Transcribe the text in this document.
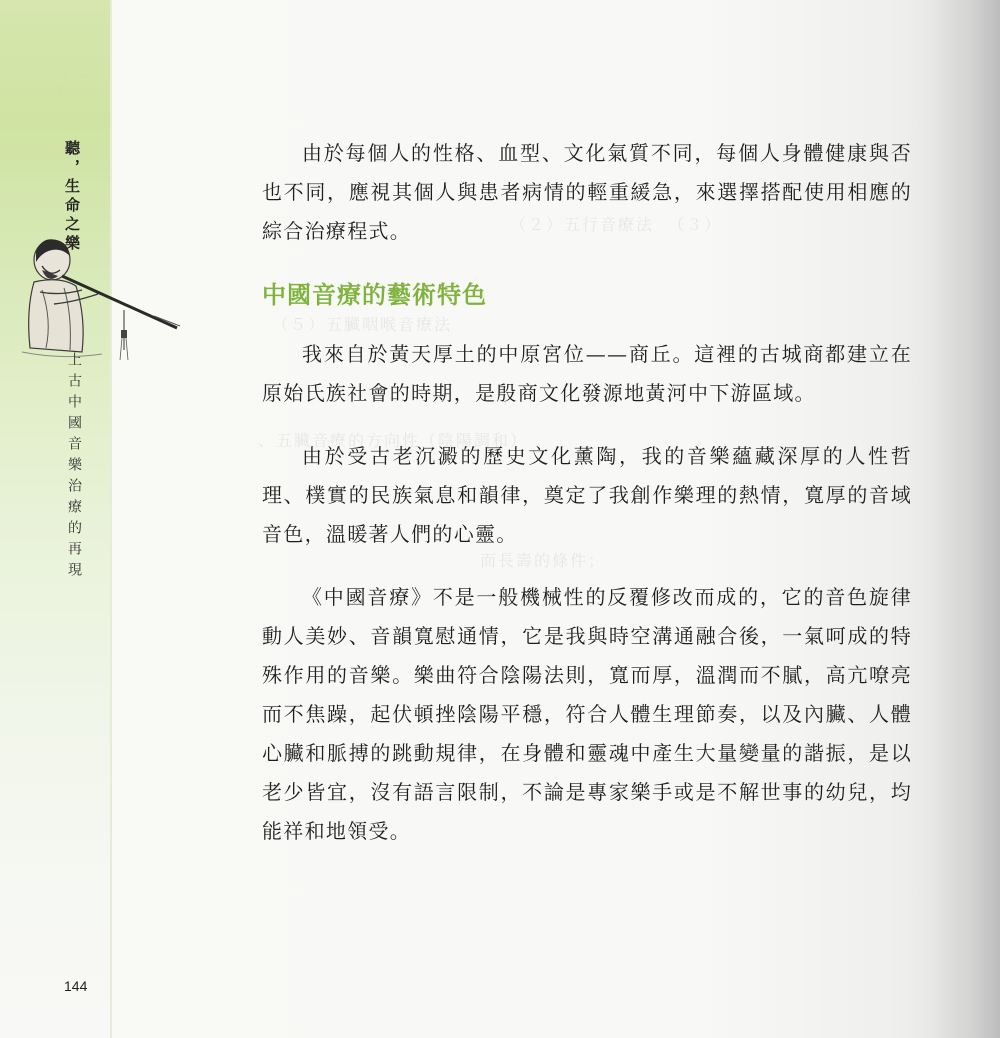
（２）五行音療法  （３）
（５）五臟咽喉音療法
、五臟音療的方向性（陰陽調和）
而長壽的條件；
〔 一 〕
聽，生命之樂
上古中國音樂治療的再現
144

由於每個人的性格、血型、文化氣質不同，每個人身體健康與否也不同，應視其個人與患者病情的輕重緩急，來選擇搭配使用相應的綜合治療程式。

中國音療的藝術特色

我來自於黃天厚土的中原宮位——商丘。這裡的古城商都建立在原始氏族社會的時期，是殷商文化發源地黃河中下游區域。

由於受古老沉澱的歷史文化薰陶，我的音樂蘊藏深厚的人性哲理、樸實的民族氣息和韻律，奠定了我創作樂理的熱情，寬厚的音域音色，溫暖著人們的心靈。

《中國音療》不是一般機械性的反覆修改而成的，它的音色旋律動人美妙、音韻寬慰通情，它是我與時空溝通融合後，一氣呵成的特殊作用的音樂。樂曲符合陰陽法則，寬而厚，溫潤而不膩，高亢嘹亮而不焦躁，起伏頓挫陰陽平穩，符合人體生理節奏，以及內臟、人體心臟和脈搏的跳動規律，在身體和靈魂中產生大量變量的諧振，是以老少皆宜，沒有語言限制，不論是專家樂手或是不解世事的幼兒，均能祥和地領受。
